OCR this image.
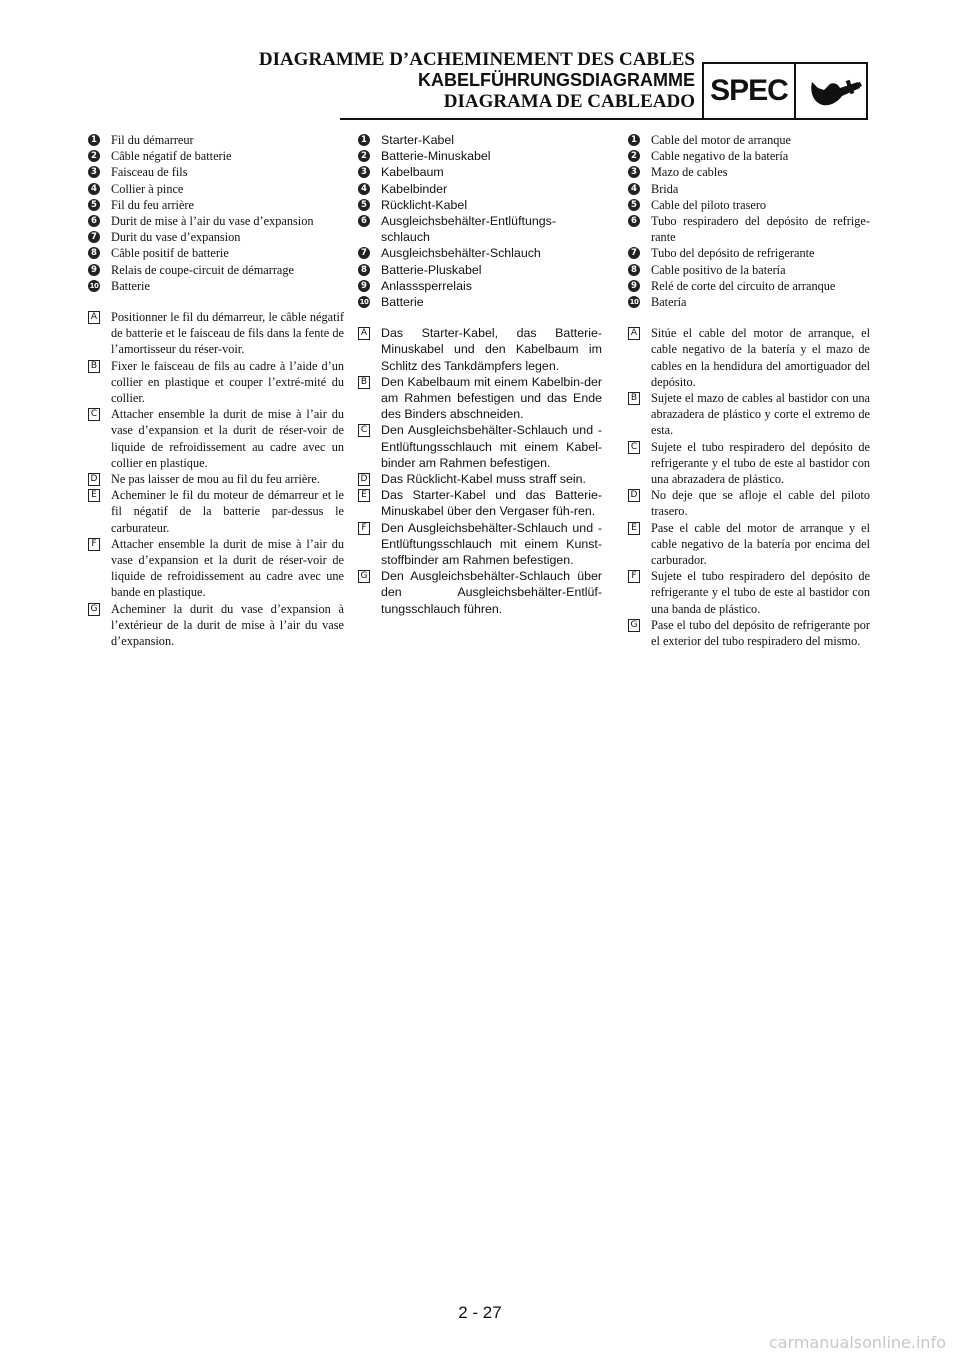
DIAGRAMME D’ACHEMINEMENT DES CABLES
KABELFÜHRUNGSDIAGRAMME

DIAGRAMA DE CABLEADO SPEC

1 Fil du démarreur

2 Câble négatif de batterie

3 Faisceau de fils

4 Collier à pince

5 Fil du feu arrière

6 Durit de mise à l’air du vase d’expansion

7 Durit du vase d’expansion

8 Câble positif de batterie

9 Relais de coupe-circuit de démarrage

10 Batterie

A Positionner le fil du démarreur, le câble négatif de batterie et le faisceau de fils dans la fente de l’amortisseur du réser-voir.

B Fixer le faisceau de fils au cadre à l’aide d’un collier en plastique et couper l’extré-mité du collier.

C Attacher ensemble la durit de mise à l’air du vase d’expansion et la durit de réser-voir de liquide de refroidissement au cadre avec un collier en plastique.

D Ne pas laisser de mou au fil du feu arrière.

E Acheminer le fil du moteur de démarreur et le fil négatif de la batterie par-dessus le carburateur.

F Attacher ensemble la durit de mise à l’air du vase d’expansion et la durit de réser-voir de liquide de refroidissement au cadre avec une bande en plastique.

G Acheminer la durit du vase d’expansion à l’extérieur de la durit de mise à l’air du vase d’expansion.

1 Starter-Kabel

2 Batterie-Minuskabel

3 Kabelbaum

4 Kabelbinder

5 Rücklicht-Kabel

6 Ausgleichsbehälter-Entlüftungs-schlauch

7 Ausgleichsbehälter-Schlauch

8 Batterie-Pluskabel

9 Anlasssperrelais

10 Batterie

A Das Starter-Kabel, das Batterie-Minuskabel und den Kabelbaum im Schlitz des Tankdämpfers legen.

B Den Kabelbaum mit einem Kabelbin-der am Rahmen befestigen und das Ende des Binders abschneiden.

C Den Ausgleichsbehälter-Schlauch und -Entlüftungsschlauch mit einem Kabel-binder am Rahmen befestigen.

D Das Rücklicht-Kabel muss straff sein.

E Das Starter-Kabel und das Batterie-Minuskabel über den Vergaser füh-ren.

F Den Ausgleichsbehälter-Schlauch und -Entlüftungsschlauch mit einem Kunst-stoffbinder am Rahmen befestigen.

G Den Ausgleichsbehälter-Schlauch über den Ausgleichsbehälter-Entlüf-tungsschlauch führen.

1 Cable del motor de arranque

2 Cable negativo de la batería

3 Mazo de cables

4 Brida

5 Cable del piloto trasero

6 Tubo respiradero del depósito de refrige-rante

7 Tubo del depósito de refrigerante

8 Cable positivo de la batería

9 Relé de corte del circuito de arranque

10 Batería

A Sitúe el cable del motor de arranque, el cable negativo de la batería y el mazo de cables en la hendidura del amortiguador del depósito.

B Sujete el mazo de cables al bastidor con una abrazadera de plástico y corte el extremo de esta.

C Sujete el tubo respiradero del depósito de refrigerante y el tubo de este al bastidor con una abrazadera de plástico.

D No deje que se afloje el cable del piloto trasero.

E Pase el cable del motor de arranque y el cable negativo de la batería por encima del carburador.

F Sujete el tubo respiradero del depósito de refrigerante y el tubo de este al bastidor con una banda de plástico.

G Pase el tubo del depósito de refrigerante por el exterior del tubo respiradero del mismo.

2 - 27
carmanualsonline.info
